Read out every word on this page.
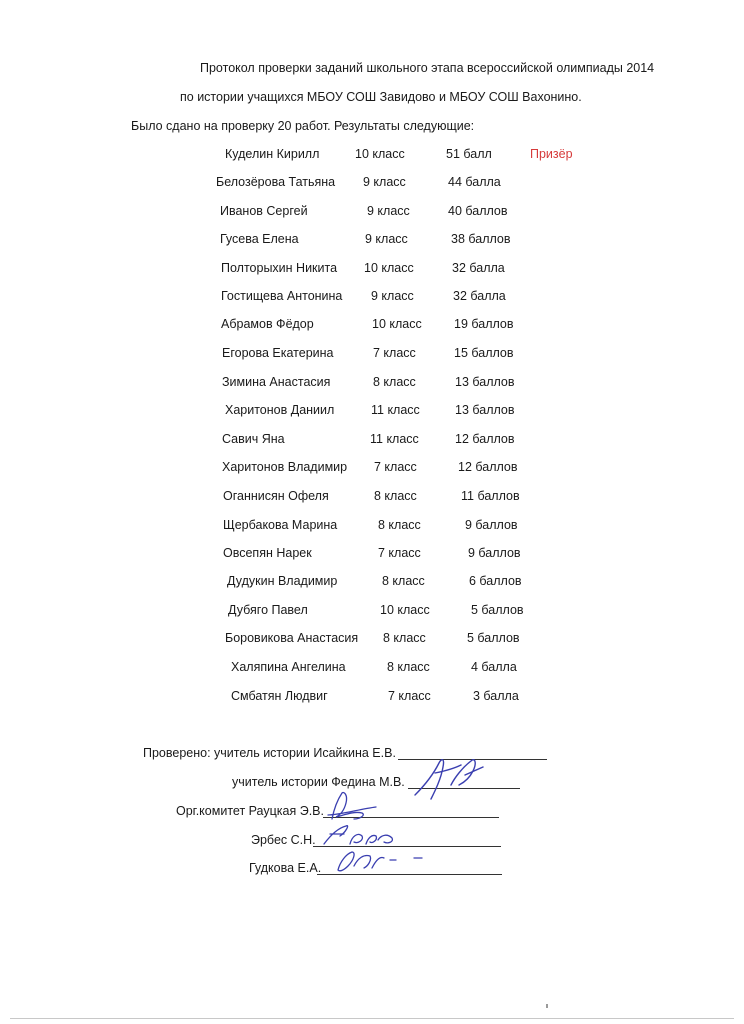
Протокол проверки заданий школьного этапа всероссийской олимпиады 2014
по истории учащихся МБОУ СОШ Завидово и МБОУ СОШ Вахонино.
Было сдано на проверку 20 работ. Результаты следующие:
Куделин Кирилл	10 класс	51 балл	Призёр
Белозёрова Татьяна 9 класс	44 балла
Иванов Сергей	9 класс	40 баллов
Гусева Елена	9 класс	38 баллов
Полторыхин Никита 10 класс	32 балла
Гостищева Антонина 9 класс	32 балла
Абрамов Фёдор	10 класс	19 баллов
Егорова Екатерина	7 класс	15 баллов
Зимина Анастасия	8 класс	13 баллов
Харитонов Даниил	11 класс	13 баллов
Савич Яна	11 класс	12 баллов
Харитонов Владимир 7 класс	12 баллов
Оганнисян Офеля	8 класс	11 баллов
Щербакова Марина	8 класс	9 баллов
Овсепян Нарек	7 класс	9 баллов
Дудукин Владимир	8 класс	6 баллов
Дубяго Павел	10 класс	5 баллов
Боровикова Анастасия 8 класс	5 баллов
Халяпина Ангелина	8 класс	4 балла
Смбатян Людвиг	7 класс	3 балла
Проверено: учитель истории Исайкина Е.В.
учитель истории Федина М.В.	Фед
Орг.комитет Рауцкая Э.В.
Эрбес С.Н.	Эрбес
Гудкова Е.А.	Гуд
